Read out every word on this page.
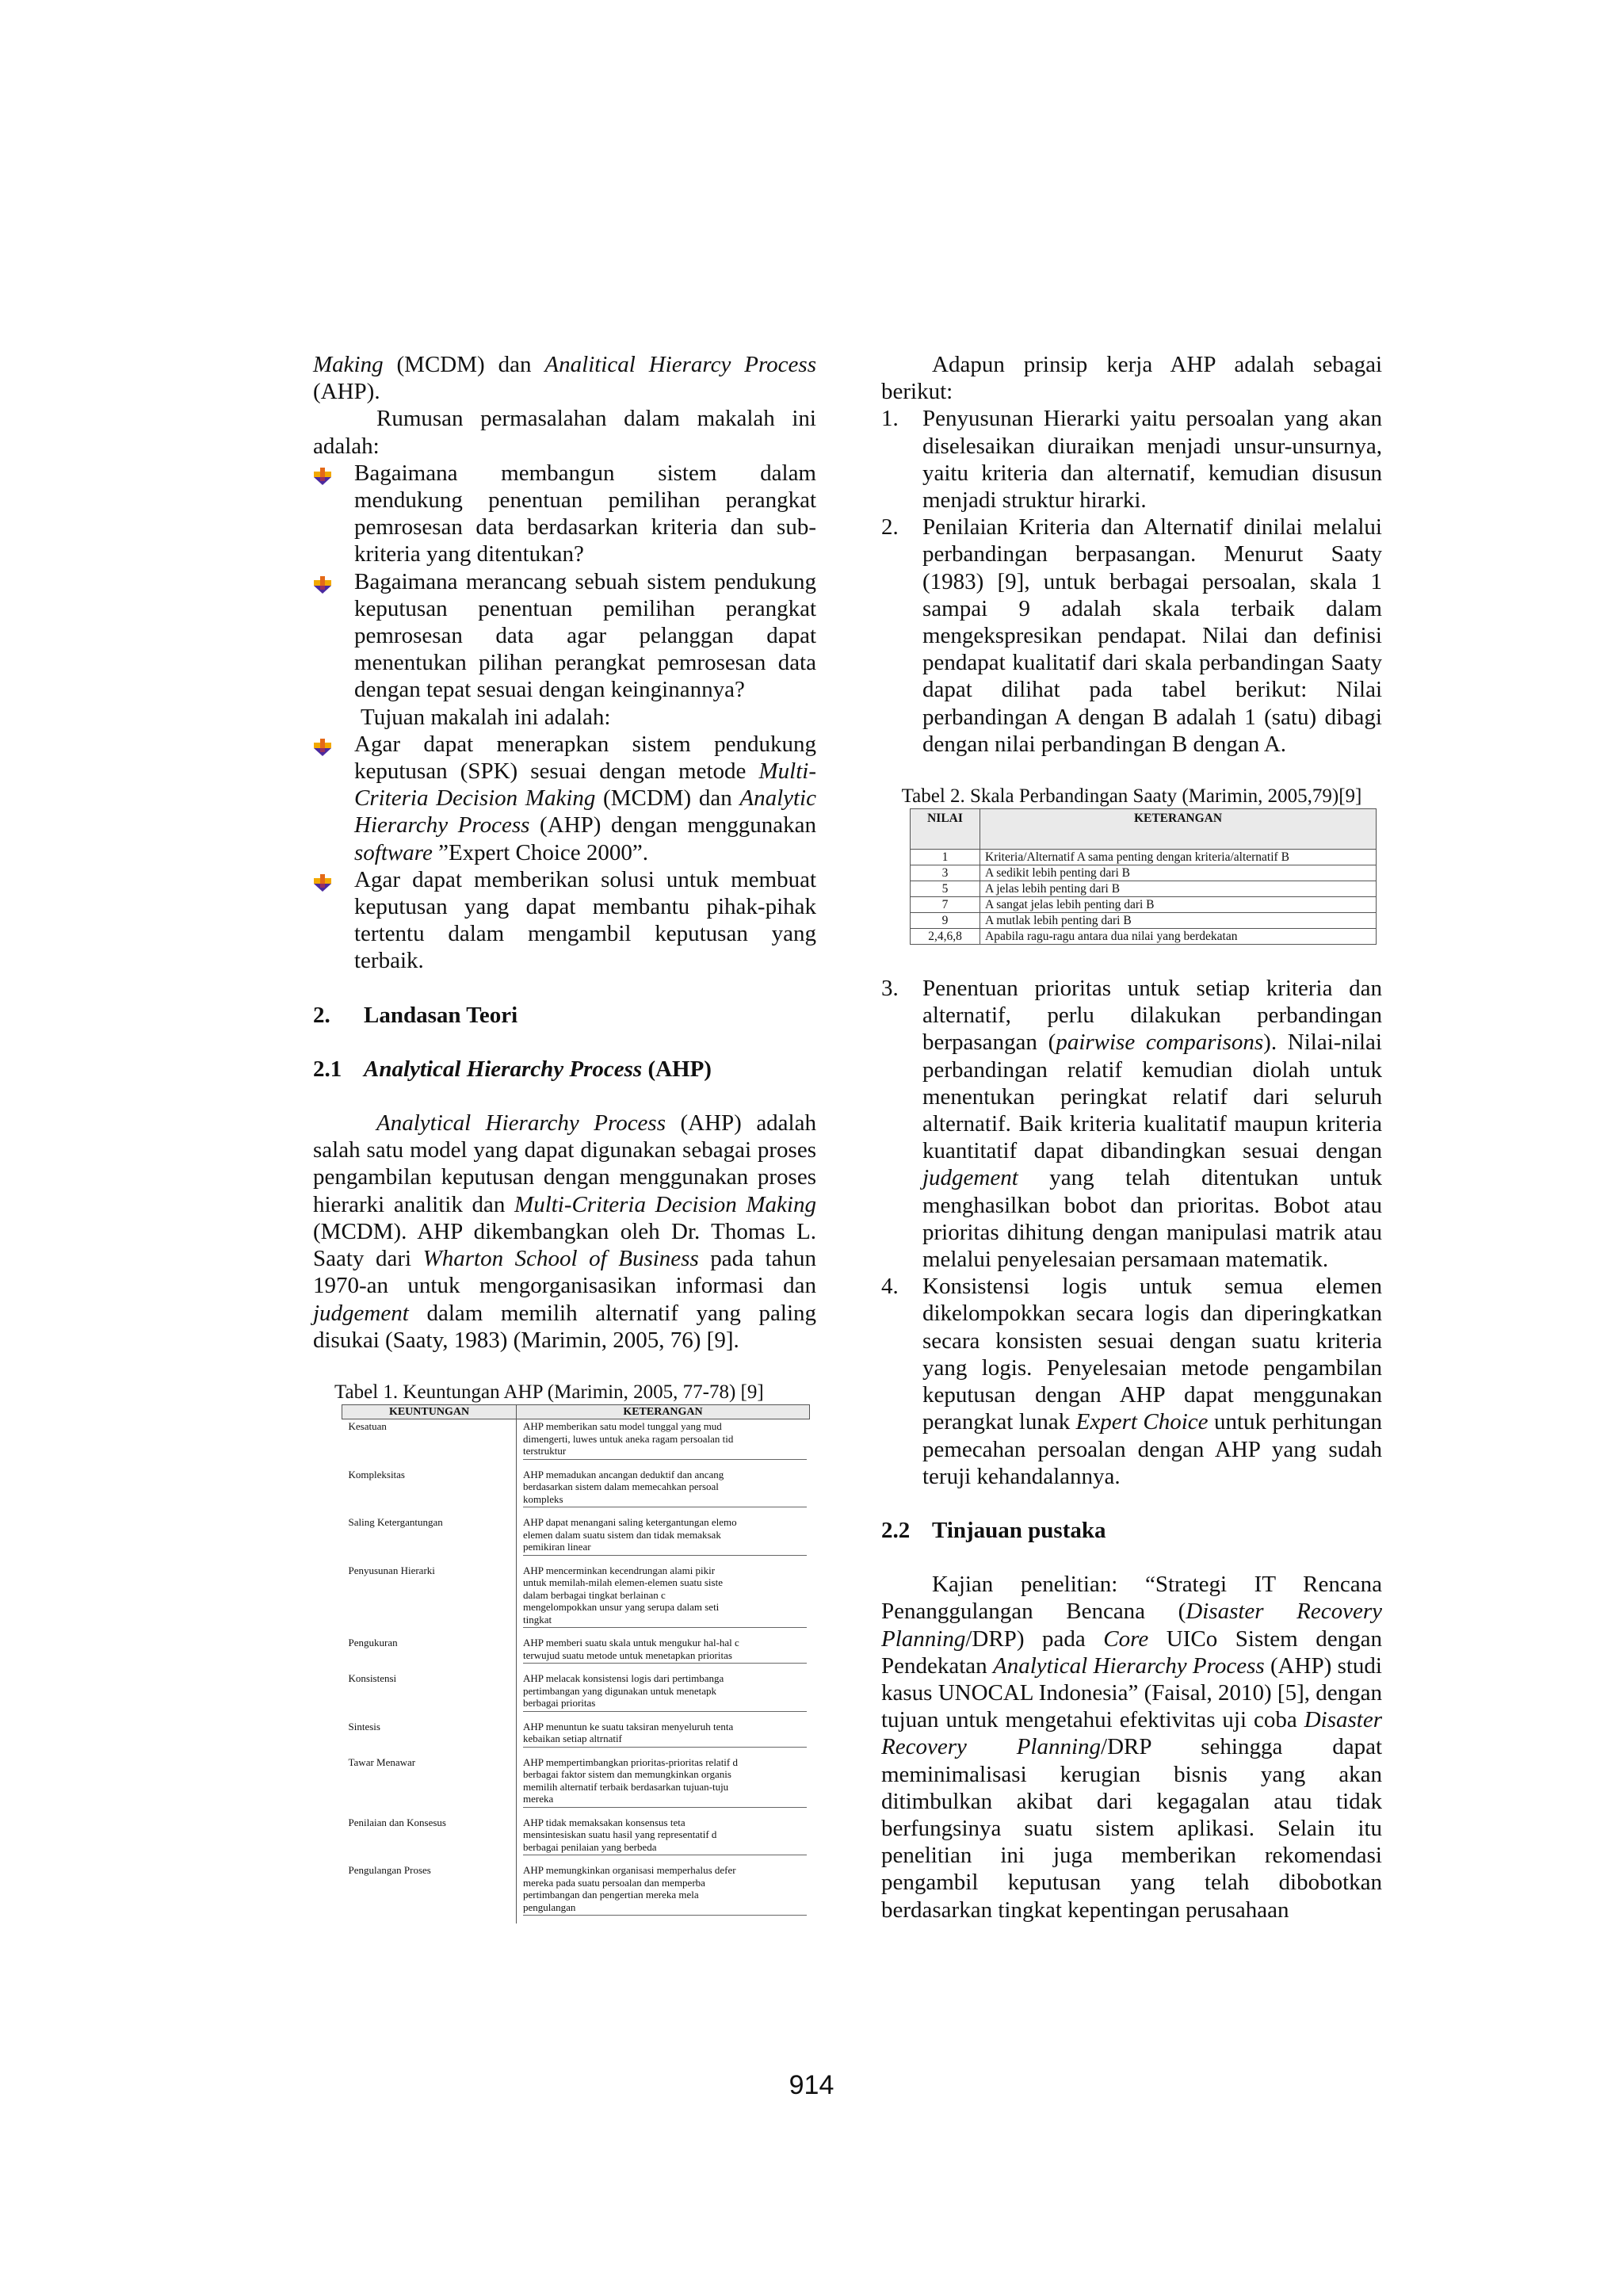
Making (MCDM) dan Analitical Hierarcy Process (AHP).

Rumusan permasalahan dalam makalah ini adalah:

Bagaimana membangun sistem dalam mendukung penentuan pemilihan perangkat pemrosesan data berdasarkan kriteria dan sub-kriteria yang ditentukan?
Bagaimana merancang sebuah sistem pendukung keputusan penentuan pemilihan perangkat pemrosesan data agar pelanggan dapat menentukan pilihan perangkat pemrosesan data dengan tepat sesuai dengan keinginannya?

Tujuan makalah ini adalah:

Agar dapat menerapkan sistem pendukung keputusan (SPK) sesuai dengan metode Multi-Criteria Decision Making (MCDM) dan Analytic Hierarchy Process (AHP) dengan menggunakan software ”Expert Choice 2000”.
Agar dapat memberikan solusi untuk membuat keputusan yang dapat membantu pihak-pihak tertentu dalam mengambil keputusan yang terbaik.
2.	Landasan Teori
2.1 Analytical Hierarchy Process (AHP)

Analytical Hierarchy Process (AHP) adalah salah satu model yang dapat digunakan sebagai proses pengambilan keputusan dengan menggunakan proses hierarki analitik dan Multi-Criteria Decision Making (MCDM). AHP dikembangkan oleh Dr. Thomas L. Saaty dari Wharton School of Business pada tahun 1970-an untuk mengorganisasikan informasi dan judgement dalam memilih alternatif yang paling disukai (Saaty, 1983) (Marimin, 2005, 76) [9].

Tabel 1. Keuntungan AHP (Marimin, 2005, 77-78) [9]
KEUNTUNGAN	KETERANGAN
Kesatuan	AHP memberikan satu model tunggal yang mud
dimengerti, luwes untuk aneka ragam persoalan tid
terstruktur

Kompleksitas	AHP memadukan ancangan deduktif dan ancang
berdasarkan sistem dalam memecahkan persoal
kompleks

Saling Ketergantungan	AHP dapat menangani saling ketergantungan elemo
elemen dalam suatu sistem dan tidak memaksak
pemikiran linear

Penyusunan Hierarki	AHP mencerminkan kecendrungan alami pikir
untuk memilah-milah elemen-elemen suatu siste
dalam berbagai tingkat berlainan c
mengelompokkan unsur yang serupa dalam seti
tingkat

Pengukuran	AHP memberi suatu skala untuk mengukur hal-hal c
terwujud suatu metode untuk menetapkan prioritas

Konsistensi	AHP melacak konsistensi logis dari pertimbanga
pertimbangan yang digunakan untuk menetapk
berbagai prioritas

Sintesis	AHP menuntun ke suatu taksiran menyeluruh tenta
kebaikan setiap altrnatif

Tawar Menawar	AHP mempertimbangkan prioritas-prioritas relatif d
berbagai faktor sistem dan memungkinkan organis
memilih alternatif terbaik berdasarkan tujuan-tuju
mereka

Penilaian dan Konsesus	AHP tidak memaksakan konsensus teta
mensintesiskan suatu hasil yang representatif d
berbagai penilaian yang berbeda

Pengulangan Proses	AHP memungkinkan organisasi memperhalus defer
mereka pada suatu persoalan dan memperba
pertimbangan dan pengertian mereka mela
pengulangan

Adapun prinsip kerja AHP adalah sebagai berikut:

1.	Penyusunan Hierarki yaitu persoalan yang akan diselesaikan diuraikan menjadi unsur-unsurnya, yaitu kriteria dan alternatif, kemudian disusun menjadi struktur hirarki.
2.	Penilaian Kriteria dan Alternatif dinilai melalui perbandingan berpasangan. Menurut Saaty (1983) [9], untuk berbagai persoalan, skala 1 sampai 9 adalah skala terbaik dalam mengekspresikan pendapat. Nilai dan definisi pendapat kualitatif dari skala perbandingan Saaty dapat dilihat pada tabel berikut: Nilai perbandingan A dengan B adalah 1 (satu) dibagi dengan nilai perbandingan B dengan A.
Tabel 2. Skala Perbandingan Saaty (Marimin, 2005,79)[9]
NILAI	KETERANGAN
1	Kriteria/Alternatif A sama penting dengan kriteria/alternatif B
3	A sedikit lebih penting dari B
5	A jelas lebih penting dari B
7	A sangat jelas lebih penting dari B
9	A mutlak lebih penting dari B
2,4,6,8	Apabila ragu-ragu antara dua nilai yang berdekatan
3.	Penentuan prioritas untuk setiap kriteria dan alternatif, perlu dilakukan perbandingan berpasangan (pairwise comparisons). Nilai-nilai perbandingan relatif kemudian diolah untuk menentukan peringkat relatif dari seluruh alternatif. Baik kriteria kualitatif maupun kriteria kuantitatif dapat dibandingkan sesuai dengan judgement yang telah ditentukan untuk menghasilkan bobot dan prioritas. Bobot atau prioritas dihitung dengan manipulasi matrik atau melalui penyelesaian persamaan matematik.
4.	Konsistensi logis untuk semua elemen dikelompokkan secara logis dan diperingkatkan secara konsisten sesuai dengan suatu kriteria yang logis. Penyelesaian metode pengambilan keputusan dengan AHP dapat menggunakan perangkat lunak Expert Choice untuk perhitungan pemecahan persoalan dengan AHP yang sudah teruji kehandalannya.
2.2 Tinjauan pustaka

Kajian penelitian: “Strategi IT Rencana Penanggulangan Bencana (Disaster Recovery Planning/DRP) pada Core UICo Sistem dengan Pendekatan Analytical Hierarchy Process (AHP) studi kasus UNOCAL Indonesia” (Faisal, 2010) [5], dengan tujuan untuk mengetahui efektivitas uji coba Disaster Recovery Planning/DRP sehingga dapat meminimalisasi kerugian bisnis yang akan ditimbulkan akibat dari kegagalan atau tidak berfungsinya suatu sistem aplikasi. Selain itu penelitian ini juga memberikan rekomendasi pengambil keputusan yang telah dibobotkan berdasarkan tingkat kepentingan perusahaan

914
